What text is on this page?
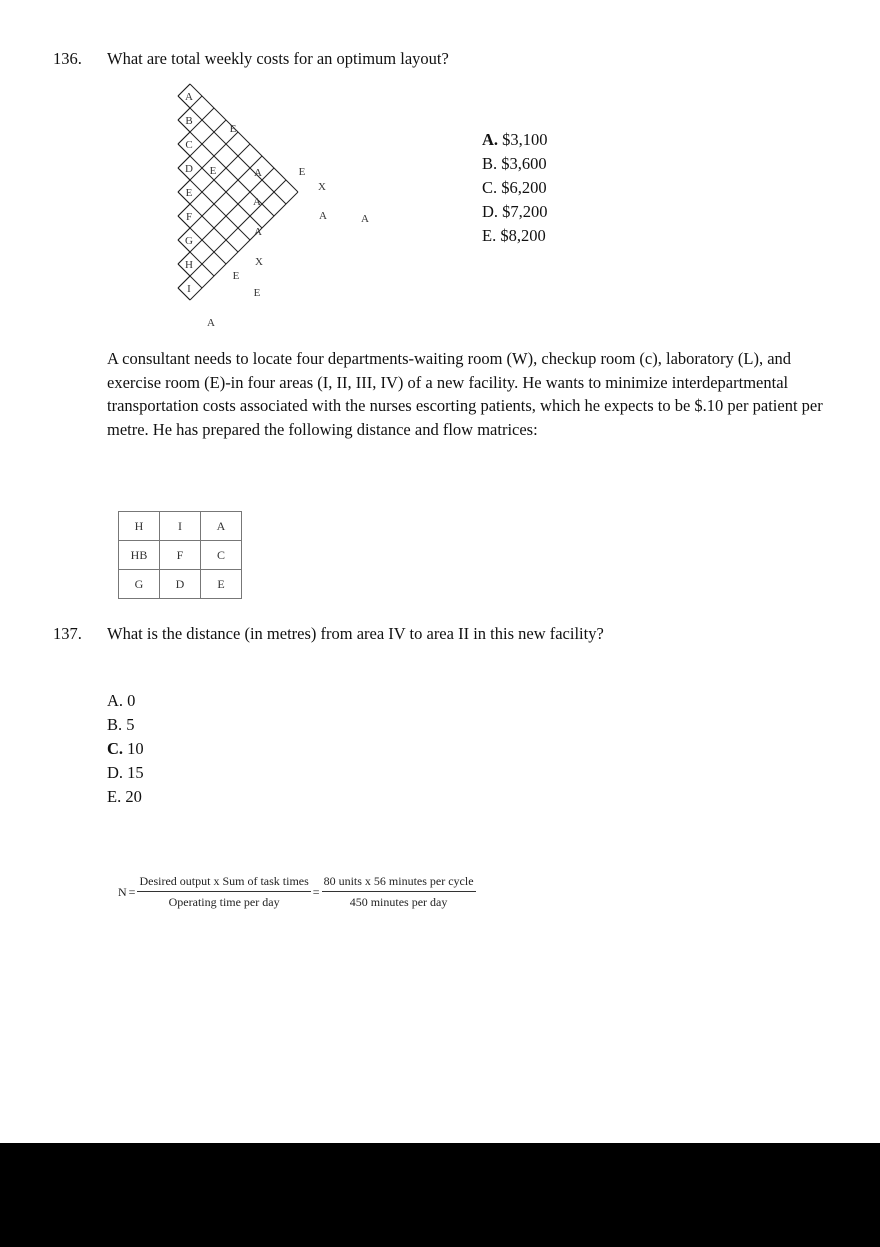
136. What are total weekly costs for an optimum layout?
A
B
C
D
E
F
G
H
I
E
E	A	E
X
A
A	A
A
X
E
E
A
A. $3,100
B. $3,600
C. $6,200
D. $7,200
E. $8,200
A consultant needs to locate four departments-waiting room (W), checkup room (c), laboratory (L), and exercise room (E)-in four areas (I, II, III, IV) of a new facility. He wants to minimize interdepartmental transportation costs associated with the nurses escorting patients, which he expects to be $.10 per patient per metre. He has prepared the following distance and flow matrices:
H	I	A
HB	F	C
G	D	E
137. What is the distance (in metres) from area IV to area II in this new facility?
A. 0
B. 5
C. 10
D. 15
E. 20
$N = \frac{\text{Desired output x Sum of task times}}{\text{Operating time per day}} = \frac{\text{80 units x 56 minutes per cycle}}{\text{450 minutes per day}}$
